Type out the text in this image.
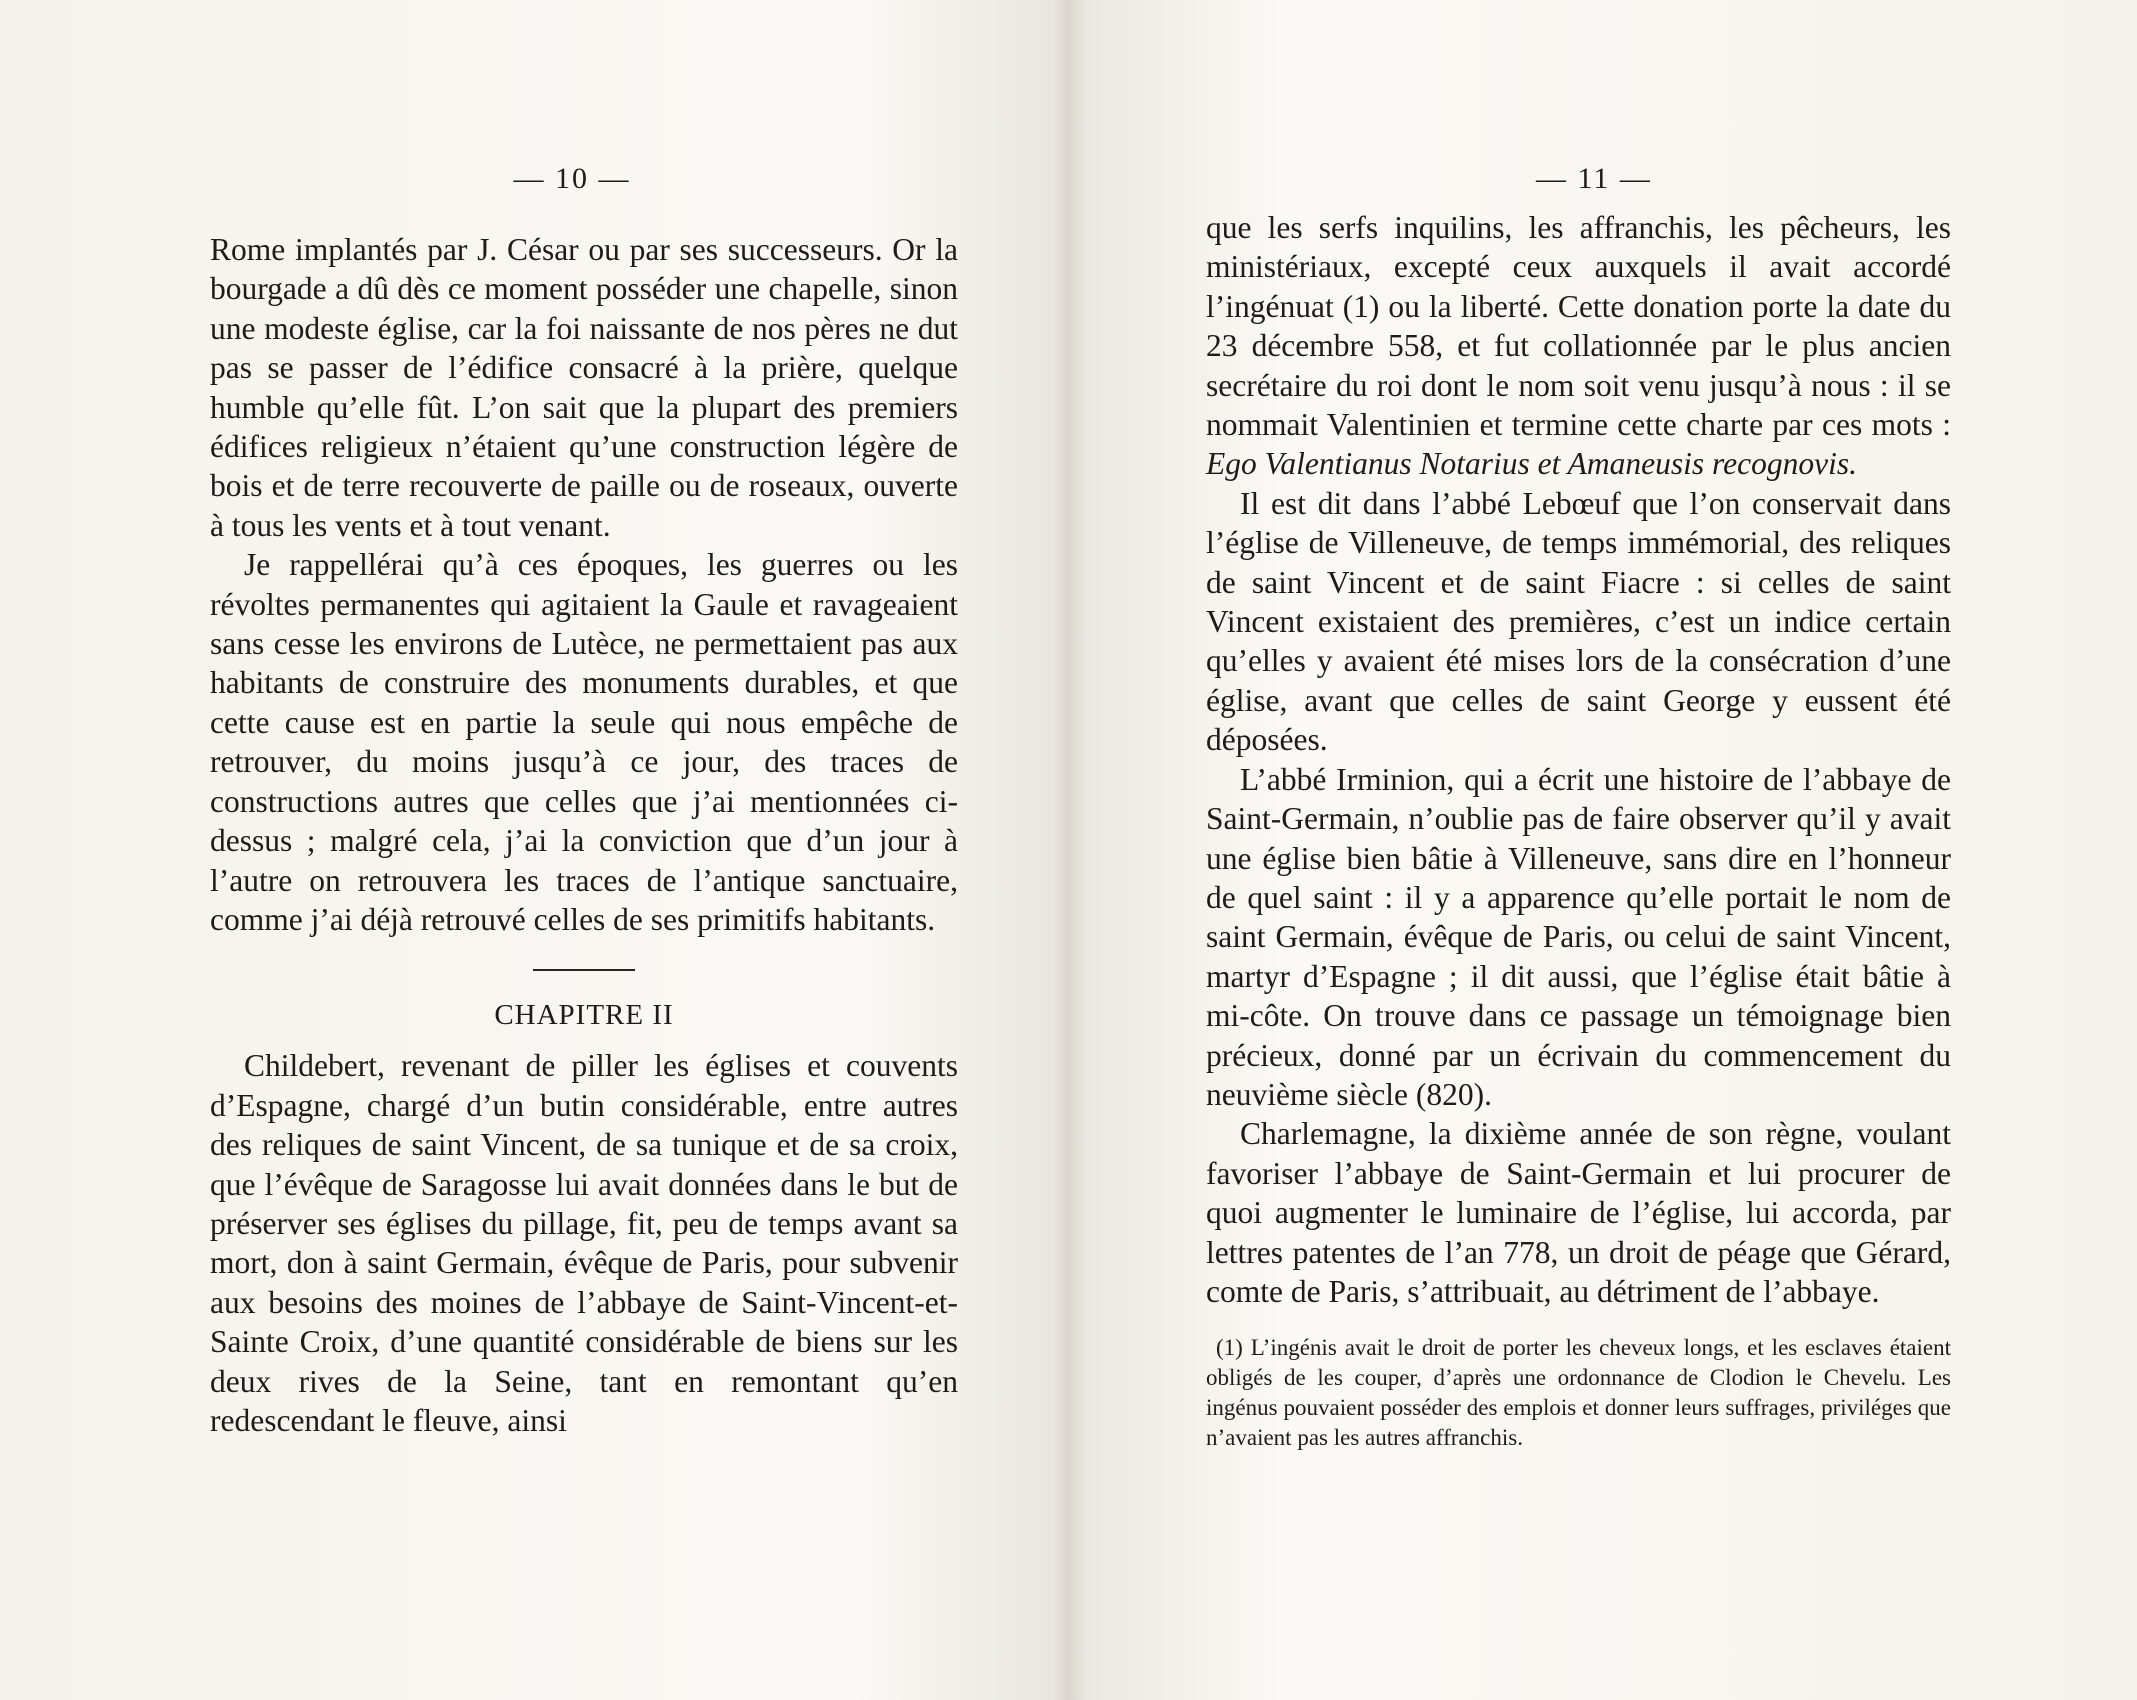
— 10 —

Rome implantés par J. César ou par ses successeurs. Or la bourgade a dû dès ce moment posséder une chapelle, sinon une modeste église, car la foi naissante de nos pères ne dut pas se passer de l’édifice consacré à la prière, quelque humble qu’elle fût. L’on sait que la plupart des premiers édifices religieux n’étaient qu’une construction légère de bois et de terre recouverte de paille ou de roseaux, ouverte à tous les vents et à tout venant.

Je rappellérai qu’à ces époques, les guerres ou les révoltes permanentes qui agitaient la Gaule et ravageaient sans cesse les environs de Lutèce, ne permettaient pas aux habitants de construire des monuments durables, et que cette cause est en partie la seule qui nous empêche de retrouver, du moins jusqu’à ce jour, des traces de constructions autres que celles que j’ai mentionnées ci-dessus ; malgré cela, j’ai la conviction que d’un jour à l’autre on retrouvera les traces de l’antique sanctuaire, comme j’ai déjà retrouvé celles de ses primitifs habitants.

CHAPITRE II

Childebert, revenant de piller les églises et couvents d’Espagne, chargé d’un butin considérable, entre autres des reliques de saint Vincent, de sa tunique et de sa croix, que l’évêque de Saragosse lui avait données dans le but de préserver ses églises du pillage, fit, peu de temps avant sa mort, don à saint Germain, évêque de Paris, pour subvenir aux besoins des moines de l’abbaye de Saint-Vincent-et-Sainte Croix, d’une quantité considérable de biens sur les deux rives de la Seine, tant en remontant qu’en redescendant le fleuve, ainsi

— 11 —

que les serfs inquilins, les affranchis, les pêcheurs, les ministériaux, excepté ceux auxquels il avait accordé l’ingénuat (1) ou la liberté. Cette donation porte la date du 23 décembre 558, et fut collationnée par le plus ancien secrétaire du roi dont le nom soit venu jusqu’à nous : il se nommait Valentinien et termine cette charte par ces mots : Ego Valentianus Notarius et Amaneusis recognovis.

Il est dit dans l’abbé Lebœuf que l’on conservait dans l’église de Villeneuve, de temps immémorial, des reliques de saint Vincent et de saint Fiacre : si celles de saint Vincent existaient des premières, c’est un indice certain qu’elles y avaient été mises lors de la consécration d’une église, avant que celles de saint George y eussent été déposées.

L’abbé Irminion, qui a écrit une histoire de l’abbaye de Saint-Germain, n’oublie pas de faire observer qu’il y avait une église bien bâtie à Villeneuve, sans dire en l’honneur de quel saint : il y a apparence qu’elle portait le nom de saint Germain, évêque de Paris, ou celui de saint Vincent, martyr d’Espagne ; il dit aussi, que l’église était bâtie à mi-côte. On trouve dans ce passage un témoignage bien précieux, donné par un écrivain du commencement du neuvième siècle (820).

Charlemagne, la dixième année de son règne, voulant favoriser l’abbaye de Saint-Germain et lui procurer de quoi augmenter le luminaire de l’église, lui accorda, par lettres patentes de l’an 778, un droit de péage que Gérard, comte de Paris, s’attribuait, au détriment de l’abbaye.

(1) L’ingénis avait le droit de porter les cheveux longs, et les esclaves étaient obligés de les couper, d’après une ordonnance de Clodion le Chevelu. Les ingénus pouvaient posséder des emplois et donner leurs suffrages, priviléges que n’avaient pas les autres affranchis.
